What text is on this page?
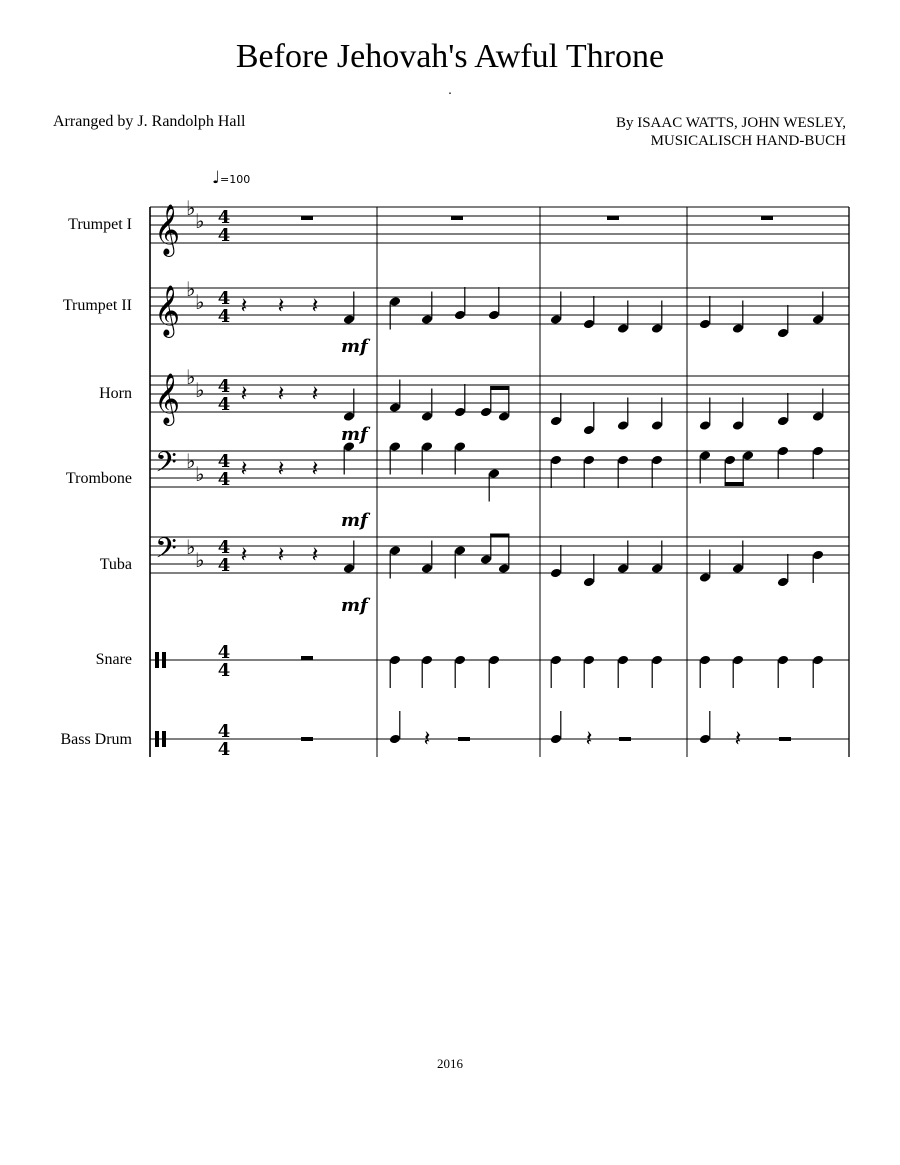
Before Jehovah's Awful Throne
.
Arranged by J. Randolph Hall	By ISAAC WATTS, JOHN WESLEY,
MUSICALISCH HAND-BUCH
♩=100
Trumpet I
Trumpet II
Horn
Trombone
Tuba
Snare
Bass Drum
2016
𝄞
𝄞
𝄞
𝄢
𝄢
♭
♭
♭
♭
♭
♭
♭
♭
♭
♭
4
4
4
4
4
4
4
4
4
4
4
4
4
4
𝄽 𝄽 𝄽
𝄽 𝄽 𝄽
𝄽 𝄽 𝄽
𝄽 𝄽 𝄽
𝄽	𝄽	𝄽
mf
mf
mf
mf
